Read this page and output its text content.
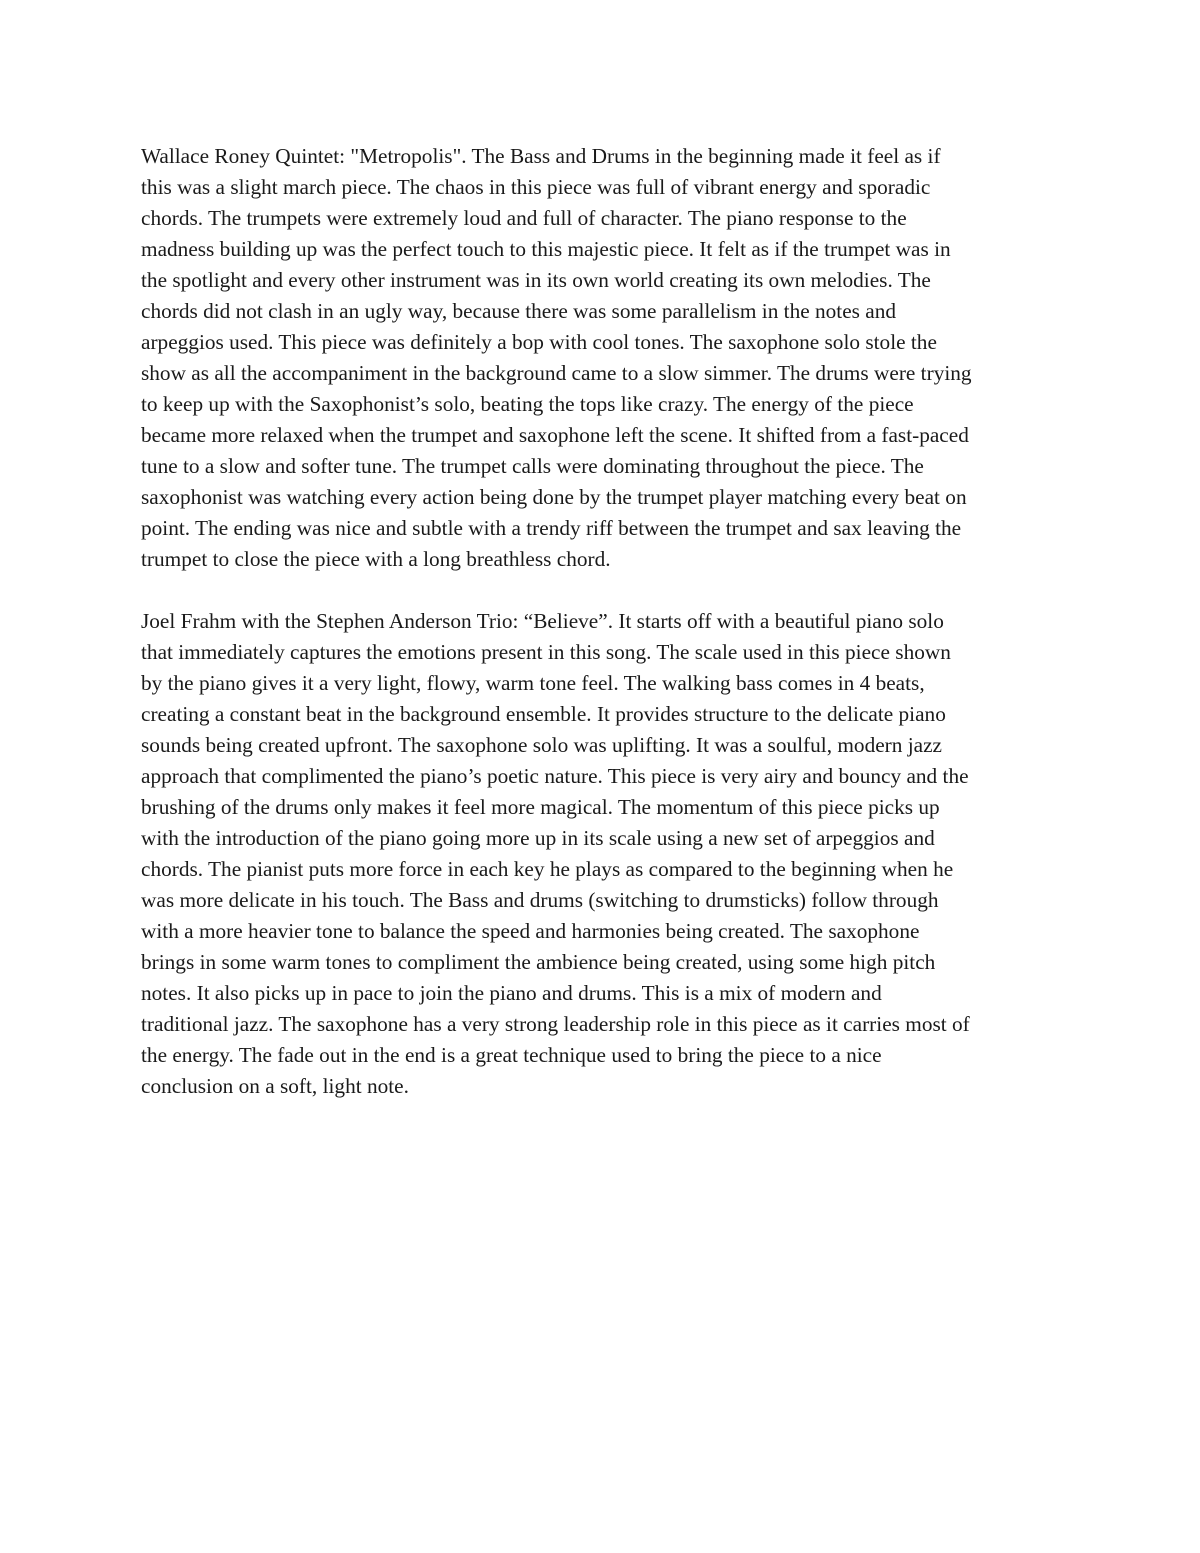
Wallace Roney Quintet: "Metropolis". The Bass and Drums in the beginning made it feel as if
this was a slight march piece. The chaos in this piece was full of vibrant energy and sporadic
chords. The trumpets were extremely loud and full of character. The piano response to the
madness building up was the perfect touch to this majestic piece. It felt as if the trumpet was in
the spotlight and every other instrument was in its own world creating its own melodies. The
chords did not clash in an ugly way, because there was some parallelism in the notes and
arpeggios used. This piece was definitely a bop with cool tones. The saxophone solo stole the
show as all the accompaniment in the background came to a slow simmer. The drums were trying
to keep up with the Saxophonist’s solo, beating the tops like crazy. The energy of the piece
became more relaxed when the trumpet and saxophone left the scene. It shifted from a fast-paced
tune to a slow and softer tune. The trumpet calls were dominating throughout the piece. The
saxophonist was watching every action being done by the trumpet player matching every beat on
point. The ending was nice and subtle with a trendy riff between the trumpet and sax leaving the
trumpet to close the piece with a long breathless chord.
Joel Frahm with the Stephen Anderson Trio: “Believe”. It starts off with a beautiful piano solo
that immediately captures the emotions present in this song. The scale used in this piece shown
by the piano gives it a very light, flowy, warm tone feel. The walking bass comes in 4 beats,
creating a constant beat in the background ensemble. It provides structure to the delicate piano
sounds being created upfront. The saxophone solo was uplifting. It was a soulful, modern jazz
approach that complimented the piano’s poetic nature. This piece is very airy and bouncy and the
brushing of the drums only makes it feel more magical. The momentum of this piece picks up
with the introduction of the piano going more up in its scale using a new set of arpeggios and
chords. The pianist puts more force in each key he plays as compared to the beginning when he
was more delicate in his touch. The Bass and drums (switching to drumsticks) follow through
with a more heavier tone to balance the speed and harmonies being created. The saxophone
brings in some warm tones to compliment the ambience being created, using some high pitch
notes. It also picks up in pace to join the piano and drums. This is a mix of modern and
traditional jazz. The saxophone has a very strong leadership role in this piece as it carries most of
the energy. The fade out in the end is a great technique used to bring the piece to a nice
conclusion on a soft, light note.
